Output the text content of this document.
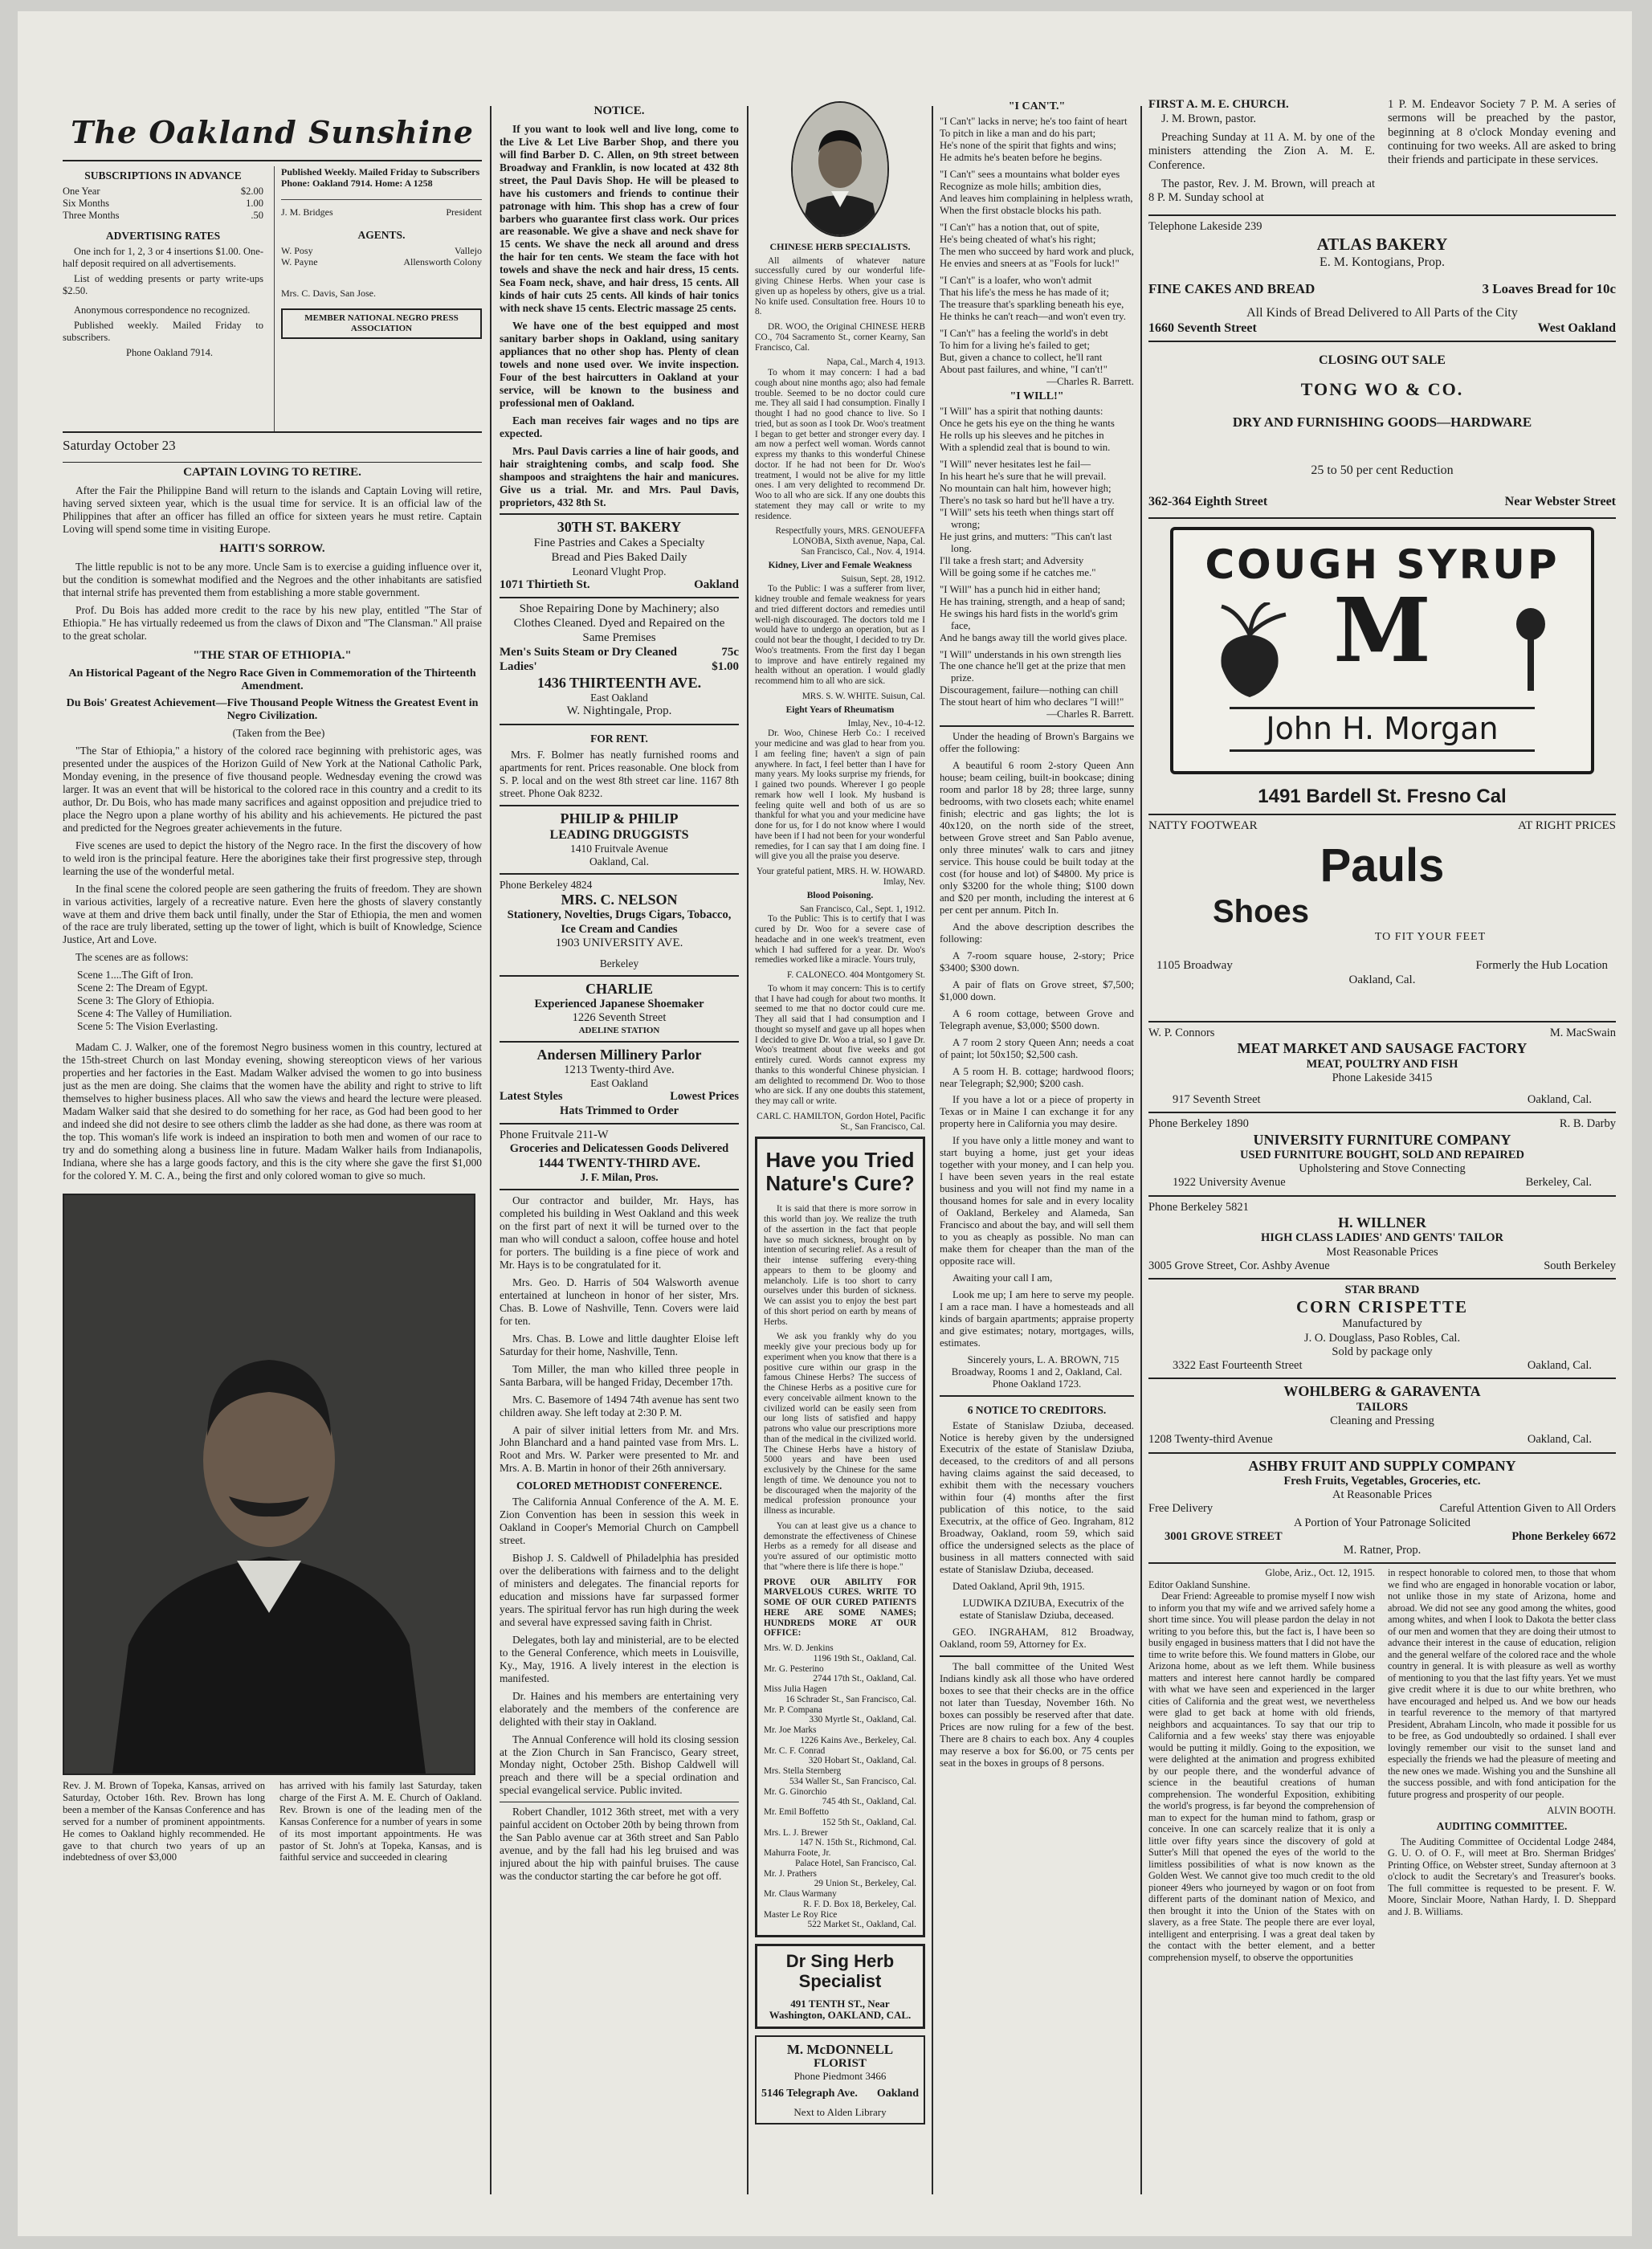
The Oakland Sunshine
SUBSCRIPTIONS IN ADVANCE
One Year	$2.00
Six Months	1.00
Three Months	.50
ADVERTISING RATES

One inch for 1, 2, 3 or 4 insertions $1.00. One-half deposit required on all advertisements.

List of wedding presents or party write-ups $2.50.

Anonymous correspondence no recognized.

Published weekly. Mailed Friday to subscribers.

Phone Oakland 7914.

Published Weekly. Mailed Friday to Subscribers
Phone: Oakland 7914. Home: A 1258
J. M. Bridges	President
AGENTS.
W. Posy	Vallejo
W. Payne	Allensworth Colony
Mrs. C. Davis, San Jose.
MEMBER NATIONAL NEGRO PRESS ASSOCIATION
Saturday October 23
CAPTAIN LOVING TO RETIRE.

After the Fair the Philippine Band will return to the islands and Captain Loving will retire, having served sixteen year, which is the usual time for service. It is an official law of the Philippines that after an officer has filled an office for sixteen years he must retire. Captain Loving will spend some time in visiting Europe.

HAITI'S SORROW.

The little republic is not to be any more. Uncle Sam is to exercise a guiding influence over it, but the condition is somewhat modified and the Negroes and the other inhabitants are satisfied that internal strife has prevented them from establishing a more stable government.

Prof. Du Bois has added more credit to the race by his new play, entitled "The Star of Ethiopia." He has virtually redeemed us from the claws of Dixon and "The Clansman." All praise to the great scholar.

"THE STAR OF ETHIOPIA."
An Historical Pageant of the Negro Race Given in Commemoration of the Thirteenth Amendment.
Du Bois' Greatest Achievement—Five Thousand People Witness the Greatest Event in Negro Civilization.

(Taken from the Bee)

"The Star of Ethiopia," a history of the colored race beginning with prehistoric ages, was presented under the auspices of the Horizon Guild of New York at the National Catholic Park, Monday evening, in the presence of five thousand people. Wednesday evening the crowd was larger. It was an event that will be historical to the colored race in this country and a credit to its author, Dr. Du Bois, who has made many sacrifices and against opposition and prejudice tried to place the Negro upon a plane worthy of his ability and his achievements. He pictured the past and predicted for the Negroes greater achievements in the future.

Five scenes are used to depict the history of the Negro race. In the first the discovery of how to weld iron is the principal feature. Here the aborigines take their first progressive step, through learning the use of the wonderful metal.

In the final scene the colored people are seen gathering the fruits of freedom. They are shown in various activities, largely of a recreative nature. Even here the ghosts of slavery constantly wave at them and drive them back until finally, under the Star of Ethiopia, the men and women of the race are truly liberated, setting up the tower of light, which is built of Knowledge, Science Justice, Art and Love.

The scenes are as follows:

Scene 1....The Gift of Iron.
Scene 2: The Dream of Egypt.
Scene 3: The Glory of Ethiopia.
Scene 4: The Valley of Humiliation.
Scene 5: The Vision Everlasting.

Madam C. J. Walker, one of the foremost Negro business women in this country, lectured at the 15th-street Church on last Monday evening, showing stereopticon views of her various properties and her factories in the East. Madam Walker advised the women to go into business just as the men are doing. She claims that the women have the ability and right to strive to lift themselves to higher business places. All who saw the views and heard the lecture were pleased. Madam Walker said that she desired to do something for her race, as God had been good to her and indeed she did not desire to see others climb the ladder as she had done, as there was room at the top. This woman's life work is indeed an inspiration to both men and women of our race to try and do something along a business line in future. Madam Walker hails from Indianapolis, Indiana, where she has a large goods factory, and this is the city where she gave the first $1,000 for the colored Y. M. C. A., being the first and only colored woman to give so much.

Rev. J. M. Brown of Topeka, Kansas, arrived on Saturday, October 16th. Rev. Brown has long been a member of the Kansas Conference and has served for a number of prominent appointments. He comes to Oakland highly recommended. He gave to that church two years of up an indebtedness of over $3,000
has arrived with his family last Saturday, taken charge of the First A. M. E. Church of Oakland. Rev. Brown is one of the leading men of the Kansas Conference for a number of years in some of its most important appointments. He was pastor of St. John's at Topeka, Kansas, and is faithful service and succeeded in clearing
NOTICE.

If you want to look well and live long, come to the Live & Let Live Barber Shop, and there you will find Barber D. C. Allen, on 9th street between Broadway and Franklin, is now located at 432 8th street, the Paul Davis Shop. He will be pleased to have his customers and friends to continue their patronage with him. This shop has a crew of four barbers who guarantee first class work. Our prices are reasonable. We give a shave and neck shave for 15 cents. We shave the neck all around and dress the hair for ten cents. We steam the face with hot towels and shave the neck and hair dress, 15 cents. Sea Foam neck, shave, and hair dress, 15 cents. All kinds of hair cuts 25 cents. All kinds of hair tonics with neck shave 15 cents. Electric massage 25 cents.

We have one of the best equipped and most sanitary barber shops in Oakland, using sanitary appliances that no other shop has. Plenty of clean towels and none used over. We invite inspection. Four of the best haircutters in Oakland at your service, will be known to the business and professional men of Oakland.

Each man receives fair wages and no tips are expected.

Mrs. Paul Davis carries a line of hair goods, and hair straightening combs, and scalp food. She shampoos and straightens the hair and manicures. Give us a trial. Mr. and Mrs. Paul Davis, proprietors, 432 8th St.

30TH ST. BAKERY
Fine Pastries and Cakes a Specialty
Bread and Pies Baked Daily
Leonard Vlught Prop.
1071 Thirtieth St.	Oakland
Shoe Repairing Done by Machinery; also Clothes Cleaned. Dyed and Repaired on the Same Premises
Men's Suits Steam or Dry Cleaned	75c
Ladies'	$1.00
1436 THIRTEENTH AVE.
East Oakland
W. Nightingale, Prop.
FOR RENT.

Mrs. F. Bolmer has neatly furnished rooms and apartments for rent. Prices reasonable. One block from S. P. local and on the west 8th street car line. 1167 8th street. Phone Oak 8232.

PHILIP & PHILIP
LEADING DRUGGISTS
1410 Fruitvale Avenue
Oakland, Cal.
Phone Berkeley 4824
MRS. C. NELSON
Stationery, Novelties, Drugs Cigars, Tobacco, Ice Cream and Candies
1903 UNIVERSITY AVE.
Berkeley
CHARLIE
Experienced Japanese Shoemaker
1226 Seventh Street
ADELINE STATION
Andersen Millinery Parlor
1213 Twenty-third Ave.
East Oakland
Latest Styles	Lowest Prices
Hats Trimmed to Order
Phone Fruitvale 211-W
Groceries and Delicatessen Goods Delivered
1444 TWENTY-THIRD AVE.
J. F. Milan, Pros.

Our contractor and builder, Mr. Hays, has completed his building in West Oakland and this week on the first part of next it will be turned over to the man who will conduct a saloon, coffee house and hotel for porters. The building is a fine piece of work and Mr. Hays is to be congratulated for it.

Mrs. Geo. D. Harris of 504 Walsworth avenue entertained at luncheon in honor of her sister, Mrs. Chas. B. Lowe of Nashville, Tenn. Covers were laid for ten.

Mrs. Chas. B. Lowe and little daughter Eloise left Saturday for their home, Nashville, Tenn.

Tom Miller, the man who killed three people in Santa Barbara, will be hanged Friday, December 17th.

Mrs. C. Basemore of 1494 74th avenue has sent two children away. She left today at 2:30 P. M.

A pair of silver initial letters from Mr. and Mrs. John Blanchard and a hand painted vase from Mrs. L. Root and Mrs. W. Parker were presented to Mr. and Mrs. A. B. Martin in honor of their 26th anniversary.

COLORED METHODIST CONFERENCE.

The California Annual Conference of the A. M. E. Zion Convention has been in session this week in Oakland in Cooper's Memorial Church on Campbell street.

Bishop J. S. Caldwell of Philadelphia has presided over the deliberations with fairness and to the delight of ministers and delegates. The financial reports for education and missions have far surpassed former years. The spiritual fervor has run high during the week and several have expressed saving faith in Christ.

Delegates, both lay and ministerial, are to be elected to the General Conference, which meets in Louisville, Ky., May, 1916. A lively interest in the election is manifested.

Dr. Haines and his members are entertaining very elaborately and the members of the conference are delighted with their stay in Oakland.

The Annual Conference will hold its closing session at the Zion Church in San Francisco, Geary street, Monday night, October 25th. Bishop Caldwell will preach and there will be a special ordination and special evangelical service. Public invited.

Robert Chandler, 1012 36th street, met with a very painful accident on October 20th by being thrown from the San Pablo avenue car at 36th street and San Pablo avenue, and by the fall had his leg bruised and was injured about the hip with painful bruises. The cause was the conductor starting the car before he got off.

CHINESE HERB SPECIALISTS.

All ailments of whatever nature successfully cured by our wonderful life-giving Chinese Herbs. When your case is given up as hopeless by others, give us a trial. No knife used. Consultation free. Hours 10 to 8.

DR. WOO, the Original CHINESE HERB CO., 704 Sacramento St., corner Kearny, San Francisco, Cal.

Napa, Cal., March 4, 1913.

To whom it may concern: I had a bad cough about nine months ago; also had female trouble. Seemed to be no doctor could cure me. They all said I had consumption. Finally I thought I had no good chance to live. So I tried, but as soon as I took Dr. Woo's treatment I began to get better and stronger every day. I am now a perfect well woman. Words cannot express my thanks to this wonderful Chinese doctor. If he had not been for Dr. Woo's treatment, I would not be alive for my little ones. I am very delighted to recommend Dr. Woo to all who are sick. If any one doubts this statement they may call or write to my residence.

Respectfully yours, MRS. GENOUEFFA LONOBA, Sixth avenue, Napa, Cal.
San Francisco, Cal., Nov. 4, 1914.
Kidney, Liver and Female Weakness
Suisun, Sept. 28, 1912.

To the Public: I was a sufferer from liver, kidney trouble and female weakness for years and tried different doctors and remedies until well-nigh discouraged. The doctors told me I would have to undergo an operation, but as I could not bear the thought, I decided to try Dr. Woo's treatments. From the first day I began to improve and have entirely regained my health without an operation. I would gladly recommend him to all who are sick.

MRS. S. W. WHITE. Suisun, Cal.
Eight Years of Rheumatism
Imlay, Nev., 10-4-12.

Dr. Woo, Chinese Herb Co.: I received your medicine and was glad to hear from you. I am feeling fine; haven't a sign of pain anywhere. In fact, I feel better than I have for many years. My looks surprise my friends, for I gained two pounds. Wherever I go people remark how well I look. My husband is feeling quite well and both of us are so thankful for what you and your medicine have done for us, for I do not know where I would have been if I had not been for your wonderful remedies, for I can say that I am doing fine. I will give you all the praise you deserve.

Your grateful patient, MRS. H. W. HOWARD. Imlay, Nev.
Blood Poisoning.
San Francisco, Cal., Sept. 1, 1912.

To the Public: This is to certify that I was cured by Dr. Woo for a severe case of headache and in one week's treatment, even which I had suffered for a year. Dr. Woo's remedies worked like a miracle. Yours truly,

F. CALONECO. 404 Montgomery St.

To whom it may concern: This is to certify that I have had cough for about two months. It seemed to me that no doctor could cure me. They all said that I had consumption and I thought so myself and gave up all hopes when I decided to give Dr. Woo a trial, so I gave Dr. Woo's treatment about five weeks and got entirely cured. Words cannot express my thanks to this wonderful Chinese physician. I am delighted to recommend Dr. Woo to those who are sick. If any one doubts this statement, they may call or write.

CARL C. HAMILTON, Gordon Hotel, Pacific St., San Francisco, Cal.
Have you Tried Nature's Cure?

It is said that there is more sorrow in this world than joy. We realize the truth of the assertion in the fact that people have so much sickness, brought on by intention of securing relief. As a result of their intense suffering every-thing appears to them to be gloomy and melancholy. Life is too short to carry ourselves under this burden of sickness. We can assist you to enjoy the best part of this short period on earth by means of Herbs.

We ask you frankly why do you meekly give your precious body up for experiment when you know that there is a positive cure within our grasp in the famous Chinese Herbs? The success of the Chinese Herbs as a positive cure for every conceivable ailment known to the civilized world can be easily seen from our long lists of satisfied and happy patrons who value our prescriptions more than of the medical in the civilized world. The Chinese Herbs have a history of 5000 years and have been used exclusively by the Chinese for the same length of time. We denounce you not to be discouraged when the majority of the medical profession pronounce your illness as incurable.

You can at least give us a chance to demonstrate the effectiveness of Chinese Herbs as a remedy for all disease and you're assured of our optimistic motto that "where there is life there is hope."

PROVE OUR ABILITY FOR MARVELOUS CURES. WRITE TO SOME OF OUR CURED PATIENTS HERE ARE SOME NAMES; HUNDREDS MORE AT OUR OFFICE:

Mrs. W. D. Jenkins
1196 19th St., Oakland, Cal.
Mr. G. Pesterino
2744 17th St., Oakland, Cal.
Miss Julia Hagen
16 Schrader St., San Francisco, Cal.
Mr. P. Compana
330 Myrtle St., Oakland, Cal.
Mr. Joe Marks
1226 Kains Ave., Berkeley, Cal.
Mr. C. F. Conrad
320 Hobart St., Oakland, Cal.
Mrs. Stella Sternberg
534 Waller St., San Francisco, Cal.
Mr. G. Ginorchio
745 4th St., Oakland, Cal.
Mr. Emil Boffetto
152 5th St., Oakland, Cal.
Mrs. L. J. Brewer
147 N. 15th St., Richmond, Cal.
Mahurra Foote, Jr.
Palace Hotel, San Francisco, Cal.
Mr. J. Prathers
29 Union St., Berkeley, Cal.
Mr. Claus Warmany
R. F. D. Box 18, Berkeley, Cal.
Master Le Roy Rice
522 Market St., Oakland, Cal.
Dr Sing Herb Specialist
491 TENTH ST., Near Washington, OAKLAND, CAL.
M. McDONNELL
FLORIST
Phone Piedmont 3466
5146 Telegraph Ave. Oakland
Next to Alden Library
"I CAN'T."
"I Can't" lacks in nerve; he's too faint of heart
To pitch in like a man and do his part;
He's none of the spirit that fights and wins;
He admits he's beaten before he begins.
"I Can't" sees a mountains what bolder eyes
Recognize as mole hills; ambition dies,
And leaves him complaining in helpless wrath,
When the first obstacle blocks his path.
"I Can't" has a notion that, out of spite,
He's being cheated of what's his right;
The men who succeed by hard work and pluck,
He envies and sneers at as "Fools for luck!"
"I Can't" is a loafer, who won't admit
That his life's the mess he has made of it;
The treasure that's sparkling beneath his eye,
He thinks he can't reach—and won't even try.
"I Can't" has a feeling the world's in debt
To him for a living he's failed to get;
But, given a chance to collect, he'll rant
About past failures, and whine, "I can't!"
—Charles R. Barrett.
"I WILL!"
"I Will" has a spirit that nothing daunts:
Once he gets his eye on the thing he wants
He rolls up his sleeves and he pitches in
With a splendid zeal that is bound to win.
"I Will" never hesitates lest he fail—
In his heart he's sure that he will prevail.
No mountain can halt him, however high;
There's no task so hard but he'll have a try.
"I Will" sets his teeth when things start off wrong;
He just grins, and mutters: "This can't last long.
I'll take a fresh start; and Adversity
Will be going some if he catches me."
"I Will" has a punch hid in either hand;
He has training, strength, and a heap of sand;
He swings his hard fists in the world's grim face,
And he bangs away till the world gives place.
"I Will" understands in his own strength lies
The one chance he'll get at the prize that men prize.
Discouragement, failure—nothing can chill
The stout heart of him who declares "I will!"
—Charles R. Barrett.

Under the heading of Brown's Bargains we offer the following:

A beautiful 6 room 2-story Queen Ann house; beam ceiling, built-in bookcase; dining room and parlor 18 by 28; three large, sunny bedrooms, with two closets each; white enamel finish; electric and gas lights; the lot is 40x120, on the north side of the street, between Grove street and San Pablo avenue, only three minutes' walk to cars and jitney service. This house could be built today at the cost (for house and lot) of $4800. My price is only $3200 for the whole thing; $100 down and $20 per month, including the interest at 6 per cent per annum. Pitch In.

And the above description describes the following:

A 7-room square house, 2-story; Price $3400; $300 down.

A pair of flats on Grove street, $7,500; $1,000 down.

A 6 room cottage, between Grove and Telegraph avenue, $3,000; $500 down.

A 7 room 2 story Queen Ann; needs a coat of paint; lot 50x150; $2,500 cash.

A 5 room H. B. cottage; hardwood floors; near Telegraph; $2,900; $200 cash.

If you have a lot or a piece of property in Texas or in Maine I can exchange it for any property here in California you may desire.

If you have only a little money and want to start buying a home, just get your ideas together with your money, and I can help you. I have been seven years in the real estate business and you will not find my name in a thousand homes for sale and in every locality of Oakland, Berkeley and Alameda, San Francisco and about the bay, and will sell them to you as cheaply as possible. No man can make them for cheaper than the man of the opposite race will.

Awaiting your call I am,

Look me up; I am here to serve my people. I am a race man. I have a homesteads and all kinds of bargain apartments; appraise property and give estimates; notary, mortgages, wills, estimates.

Sincerely yours, L. A. BROWN, 715 Broadway, Rooms 1 and 2, Oakland, Cal. Phone Oakland 1723.

6 NOTICE TO CREDITORS.

Estate of Stanislaw Dziuba, deceased. Notice is hereby given by the undersigned Executrix of the estate of Stanislaw Dziuba, deceased, to the creditors of and all persons having claims against the said deceased, to exhibit them with the necessary vouchers within four (4) months after the first publication of this notice, to the said Executrix, at the office of Geo. Ingraham, 812 Broadway, Oakland, room 59, which said office the undersigned selects as the place of business in all matters connected with said estate of Stanislaw Dziuba, deceased.

Dated Oakland, April 9th, 1915.

LUDWIKA DZIUBA, Executrix of the estate of Stanislaw Dziuba, deceased.

GEO. INGRAHAM, 812 Broadway, Oakland, room 59, Attorney for Ex.

The ball committee of the United West Indians kindly ask all those who have ordered boxes to see that their checks are in the office not later than Tuesday, November 16th. No boxes can possibly be reserved after that date. Prices are now ruling for a few of the best. There are 8 chairs to each box. Any 4 couples may reserve a box for $6.00, or 75 cents per seat in the boxes in groups of 8 persons.

FIRST A. M. E. CHURCH.

J. M. Brown, pastor.

Preaching Sunday at 11 A. M. by one of the ministers attending the Zion A. M. E. Conference.

The pastor, Rev. J. M. Brown, will preach at 8 P. M. Sunday school at

1 P. M. Endeavor Society 7 P. M. A series of sermons will be preached by the pastor, beginning at 8 o'clock Monday evening and continuing for two weeks. All are asked to bring their friends and participate in these services.

Telephone Lakeside 239
ATLAS BAKERY
E. M. Kontogians, Prop.
FINE CAKES AND BREAD	3 Loaves Bread for 10c
All Kinds of Bread Delivered to All Parts of the City
1660 Seventh Street	West Oakland
CLOSING OUT SALE
TONG WO & CO.
DRY AND FURNISHING GOODS—HARDWARE
25 to 50 per cent Reduction
362-364 Eighth Street	Near Webster Street
COUGH SYRUP
M
John H. Morgan
1491 Bardell St. Fresno Cal
NATTY FOOTWEAR	AT RIGHT PRICES
Pauls
Shoes
TO FIT YOUR FEET
1105 Broadway	Formerly the Hub Location
Oakland, Cal.
W. P. Connors	M. MacSwain
MEAT MARKET AND SAUSAGE FACTORY
MEAT, POULTRY AND FISH
Phone Lakeside 3415
917 Seventh Street	Oakland, Cal.
Phone Berkeley 1890	R. B. Darby
UNIVERSITY FURNITURE COMPANY
USED FURNITURE BOUGHT, SOLD AND REPAIRED
Upholstering and Stove Connecting
1922 University Avenue	Berkeley, Cal.
Phone Berkeley 5821
H. WILLNER
HIGH CLASS LADIES' AND GENTS' TAILOR
Most Reasonable Prices
3005 Grove Street, Cor. Ashby Avenue	South Berkeley
STAR BRAND
CORN CRISPETTE
Manufactured by
J. O. Douglass, Paso Robles, Cal.
Sold by package only
3322 East Fourteenth Street	Oakland, Cal.
WOHLBERG & GARAVENTA
TAILORS
Cleaning and Pressing
1208 Twenty-third Avenue	Oakland, Cal.
ASHBY FRUIT AND SUPPLY COMPANY
Fresh Fruits, Vegetables, Groceries, etc.
At Reasonable Prices
Free Delivery	Careful Attention Given to All Orders
A Portion of Your Patronage Solicited
3001 GROVE STREET	Phone Berkeley 6672
M. Ratner, Prop.
Globe, Ariz., Oct. 12, 1915.
Editor Oakland Sunshine.

Dear Friend: Agreeable to promise myself I now wish to inform you that my wife and we arrived safely home a short time since. You will please pardon the delay in not writing to you before this, but the fact is, I have been so busily engaged in business matters that I did not have the time to write before this. We found matters in Globe, our Arizona home, about as we left them. While business matters and interest here cannot hardly be compared with what we have seen and experienced in the larger cities of California and the great west, we nevertheless were glad to get back at home with old friends, neighbors and acquaintances. To say that our trip to California and a few weeks' stay there was enjoyable would be putting it mildly. Going to the exposition, we were delighted at the animation and progress exhibited by our people there, and the wonderful advance of science in the beautiful creations of human comprehension. The wonderful Exposition, exhibiting the world's progress, is far beyond the comprehension of man to expect for the human mind to fathom, grasp or conceive. In one can scarcely realize that it is only a little over fifty years since the discovery of gold at Sutter's Mill that opened the eyes of the world to the limitless possibilities of what is now known as the Golden West. We cannot give too much credit to the old pioneer 49ers who journeyed by wagon or on foot from different parts of the dominant nation of Mexico, and then brought it into the Union of the States with on slavery, as a free State. The people there are ever loyal, intelligent and enterprising. I was a great deal taken by the contact with the better element, and a better comprehension myself, to observe the opportunities

in respect honorable to colored men, to those that whom we find who are engaged in honorable vocation or labor, not unlike those in my state of Arizona, home and abroad. We did not see any good among the whites, good among whites, and when I look to Dakota the better class of our men and women that they are doing their utmost to advance their interest in the cause of education, religion and the general welfare of the colored race and the whole country in general. It is with pleasure as well as worthy of mentioning to you that the last fifty years. Yet we must give credit where it is due to our white brethren, who have encouraged and helped us. And we bow our heads in tearful reverence to the memory of that martyred President, Abraham Lincoln, who made it possible for us to be free, as God undoubtedly so ordained. I shall ever lovingly remember our visit to the sunset land and especially the friends we had the pleasure of meeting and the new ones we made. Wishing you and the Sunshine all the success possible, and with fond anticipation for the future progress and prosperity of our people.

ALVIN BOOTH.
AUDITING COMMITTEE.

The Auditing Committee of Occidental Lodge 2484, G. U. O. of O. F., will meet at Bro. Sherman Bridges' Printing Office, on Webster street, Sunday afternoon at 3 o'clock to audit the Secretary's and Treasurer's books. The full committee is requested to be present. F. W. Moore, Sinclair Moore, Nathan Hardy, I. D. Sheppard and J. B. Williams.
